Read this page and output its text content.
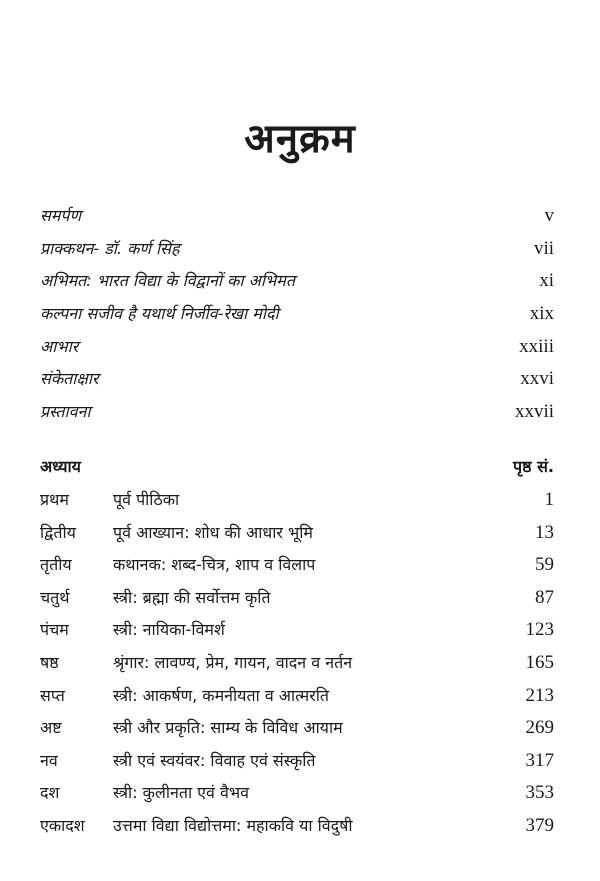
अनुक्रम
समर्पण	v
प्राक्कथन- डॉ. कर्ण सिंह	vii
अभिमत: भारत विद्या के विद्वानों का अभिमत	xi
कल्पना सजीव है यथार्थ निर्जीव-रेखा मोदी	xix
आभार	xxiii
संकेताक्षार	xxvi
प्रस्तावना	xxvii
अध्याय	पृष्ठ सं.
प्रथम	पूर्व पीठिका	1
द्वितीय	पूर्व आख्यान: शोध की आधार भूमि	13
तृतीय	कथानक: शब्द-चित्र, शाप व विलाप	59
चतुर्थ	स्त्री: ब्रह्मा की सर्वोत्तम कृति	87
पंचम	स्त्री: नायिका-विमर्श	123
षष्ठ	श्रृंगार: लावण्य, प्रेम, गायन, वादन व नर्तन	165
सप्त	स्त्री: आकर्षण, कमनीयता व आत्मरति	213
अष्ट	स्त्री और प्रकृति: साम्य के विविध आयाम	269
नव	स्त्री एवं स्वयंवर: विवाह एवं संस्कृति	317
दश	स्त्री: कुलीनता एवं वैभव	353
एकादश	उत्तमा विद्या विद्योत्तमा: महाकवि या विदुषी	379
